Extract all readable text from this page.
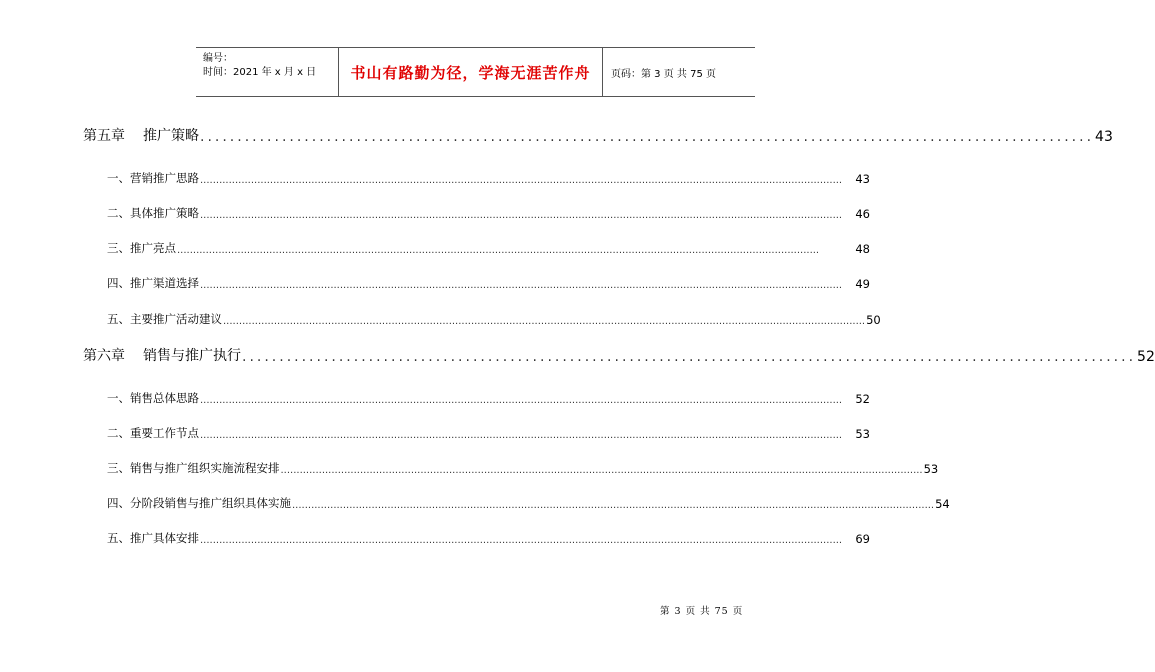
编号：
时间：2021 年 x 月 x 日	书山有路勤为径，学海无涯苦作舟	页码：第 3 页 共 75 页
第五章 推广策略 ........................................................................................................................ 43
一、营销推广思路 ..........................................................................................................................................................................................................	43
二、具体推广策略 ..........................................................................................................................................................................................................	46
三、推广亮点 ..........................................................................................................................................................................................................	48
四、推广渠道选择 ..........................................................................................................................................................................................................	49
五、主要推广活动建议 .......................................................................................................................................................................................................... 50
第六章 销售与推广执行 ........................................................................................................................ 52
一、销售总体思路 ..........................................................................................................................................................................................................	52
二、重要工作节点 ..........................................................................................................................................................................................................	53
三、销售与推广组织实施流程安排 .......................................................................................................................................................................................................... 53
四、分阶段销售与推广组织具体实施 .......................................................................................................................................................................................................... 54
五、推广具体安排 ..........................................................................................................................................................................................................	69
第 3 页 共 75 页
